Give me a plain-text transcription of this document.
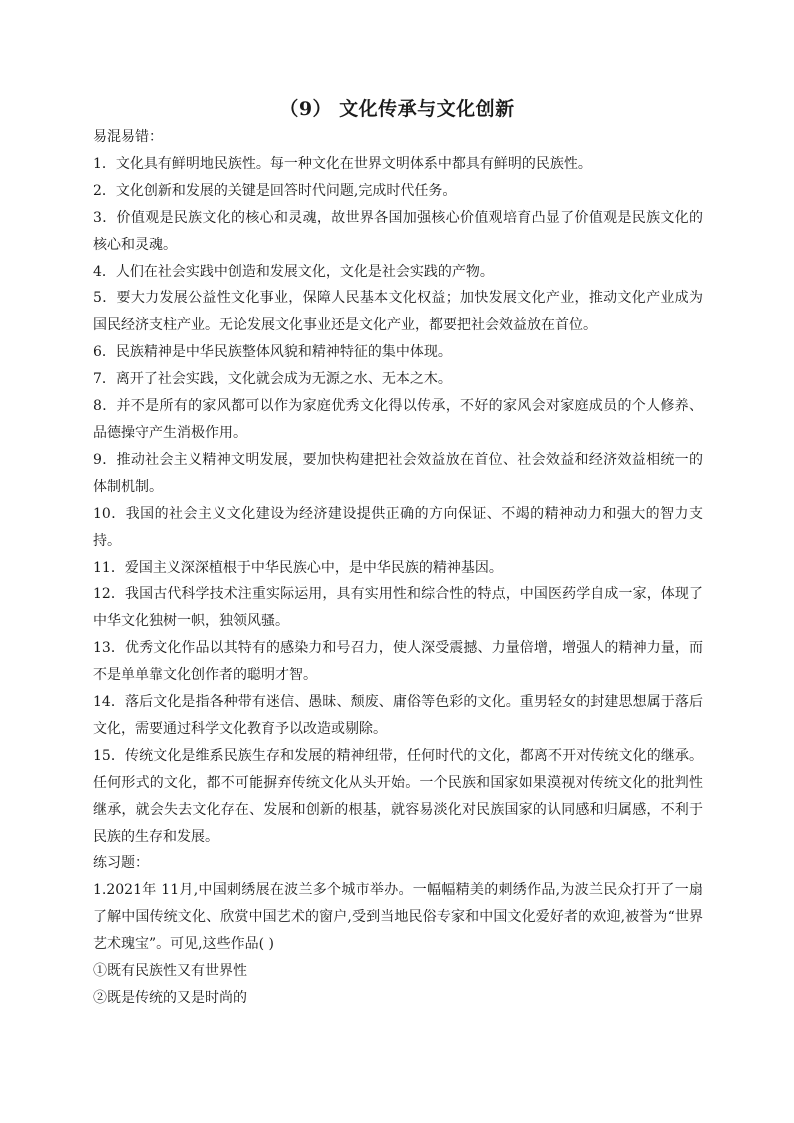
（9） 文化传承与文化创新

易混易错：

1．文化具有鲜明地民族性。每一种文化在世界文明体系中都具有鲜明的民族性。

2．文化创新和发展的关键是回答时代问题,完成时代任务。

3．价值观是民族文化的核心和灵魂，故世界各国加强核心价值观培育凸显了价值观是民族文化的核心和灵魂。

4．人们在社会实践中创造和发展文化，文化是社会实践的产物。

5．要大力发展公益性文化事业，保障人民基本文化权益；加快发展文化产业，推动文化产业成为国民经济支柱产业。无论发展文化事业还是文化产业，都要把社会效益放在首位。

6．民族精神是中华民族整体风貌和精神特征的集中体现。

7．离开了社会实践，文化就会成为无源之水、无本之木。

8．并不是所有的家风都可以作为家庭优秀文化得以传承，不好的家风会对家庭成员的个人修养、品德操守产生消极作用。

9．推动社会主义精神文明发展，要加快构建把社会效益放在首位、社会效益和经济效益相统一的体制机制。

10．我国的社会主义文化建设为经济建设提供正确的方向保证、不竭的精神动力和强大的智力支持。

11．爱国主义深深植根于中华民族心中，是中华民族的精神基因。

12．我国古代科学技术注重实际运用，具有实用性和综合性的特点，中国医药学自成一家，体现了中华文化独树一帜，独领风骚。

13．优秀文化作品以其特有的感染力和号召力，使人深受震撼、力量倍增，增强人的精神力量，而不是单单靠文化创作者的聪明才智。

14．落后文化是指各种带有迷信、愚昧、颓废、庸俗等色彩的文化。重男轻女的封建思想属于落后文化，需要通过科学文化教育予以改造或剔除。

15．传统文化是维系民族生存和发展的精神纽带，任何时代的文化，都离不开对传统文化的继承。任何形式的文化，都不可能摒弃传统文化从头开始。一个民族和国家如果漠视对传统文化的批判性继承，就会失去文化存在、发展和创新的根基，就容易淡化对民族国家的认同感和归属感，不利于民族的生存和发展。

练习题：

1.2021年 11月,中国刺绣展在波兰多个城市举办。一幅幅精美的刺绣作品,为波兰民众打开了一扇了解中国传统文化、欣赏中国艺术的窗户,受到当地民俗专家和中国文化爱好者的欢迎,被誉为“世界艺术瑰宝”。可见,这些作品( )

①既有民族性又有世界性

②既是传统的又是时尚的
